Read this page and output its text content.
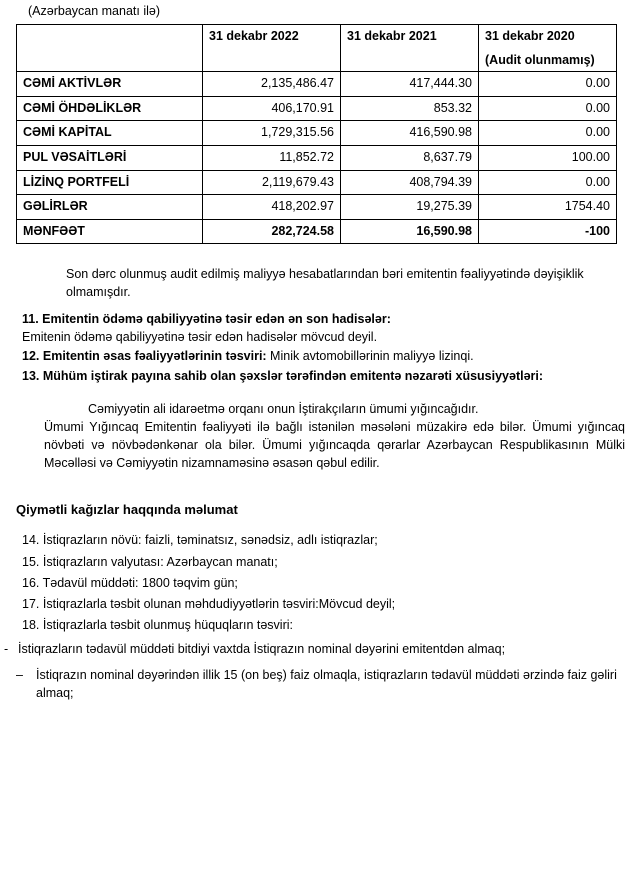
(Azərbaycan manatı ilə)
	31 dekabr 2022	31 dekabr 2021	31 dekabr 2020
(Audit olunmamış)

CƏMİ AKTİVLƏR	2,135,486.47	417,444.30	0.00
CƏMİ ÖHDƏLİKLƏR	406,170.91	853.32	0.00
CƏMİ KAPİTAL	1,729,315.56	416,590.98	0.00
PUL VƏSAİTLƏRİ	11,852.72	8,637.79	100.00
LİZİNQ PORTFELİ	2,119,679.43	408,794.39	0.00
GƏLİRLƏR	418,202.97	19,275.39	1754.40
MƏNFƏƏT	282,724.58	16,590.98	-100

Son dərc olunmuş audit edilmiş maliyyə hesabatlarından bəri emitentin fəaliyyətində dəyişiklik olmamışdır.

11. Emitentin ödəmə qabiliyyətinə təsir edən ən son hadisələr:
Emitenin ödəmə qabiliyyətinə təsir edən hadisələr mövcud deyil.
12. Emitentin əsas fəaliyyətlərinin təsviri: Minik avtomobillərinin maliyyə lizinqi.
13. Mühüm iştirak payına sahib olan şəxslər tərəfindən emitentə nəzarəti xüsusiyyətləri:
Cəmiyyətin ali idarəetmə orqanı onun İştirakçıların ümumi yığıncağıdır.
Ümumi Yığıncaq Emitentin fəaliyyəti ilə bağlı istənilən məsələni müzakirə edə bilər. Ümumi yığıncaq növbəti və növbədənkənar ola bilər. Ümumi yığıncaqda qərarlar Azərbaycan Respublikasının Mülki Məcəlləsi və Cəmiyyətin nizamnaməsinə əsasən qəbul edilir.
Qiymətli kağızlar haqqında məlumat
14. İstiqrazların növü: faizli, təminatsız, sənədsiz, adlı istiqrazlar;
15. İstiqrazların valyutası: Azərbaycan manatı;
16. Tədavül müddəti: 1800 təqvim gün;
17. İstiqrazlarla təsbit olunan məhdudiyyətlərin təsviri:Mövcud deyil;
18. İstiqrazlarla təsbit olunmuş hüquqların təsviri:
- İstiqrazların tədavül müddəti bitdiyi vaxtda İstiqrazın nominal dəyərini emitentdən almaq;
– İstiqrazın nominal dəyərindən illik 15 (on beş) faiz olmaqla, istiqrazların tədavül müddəti ərzində faiz gəliri almaq;
